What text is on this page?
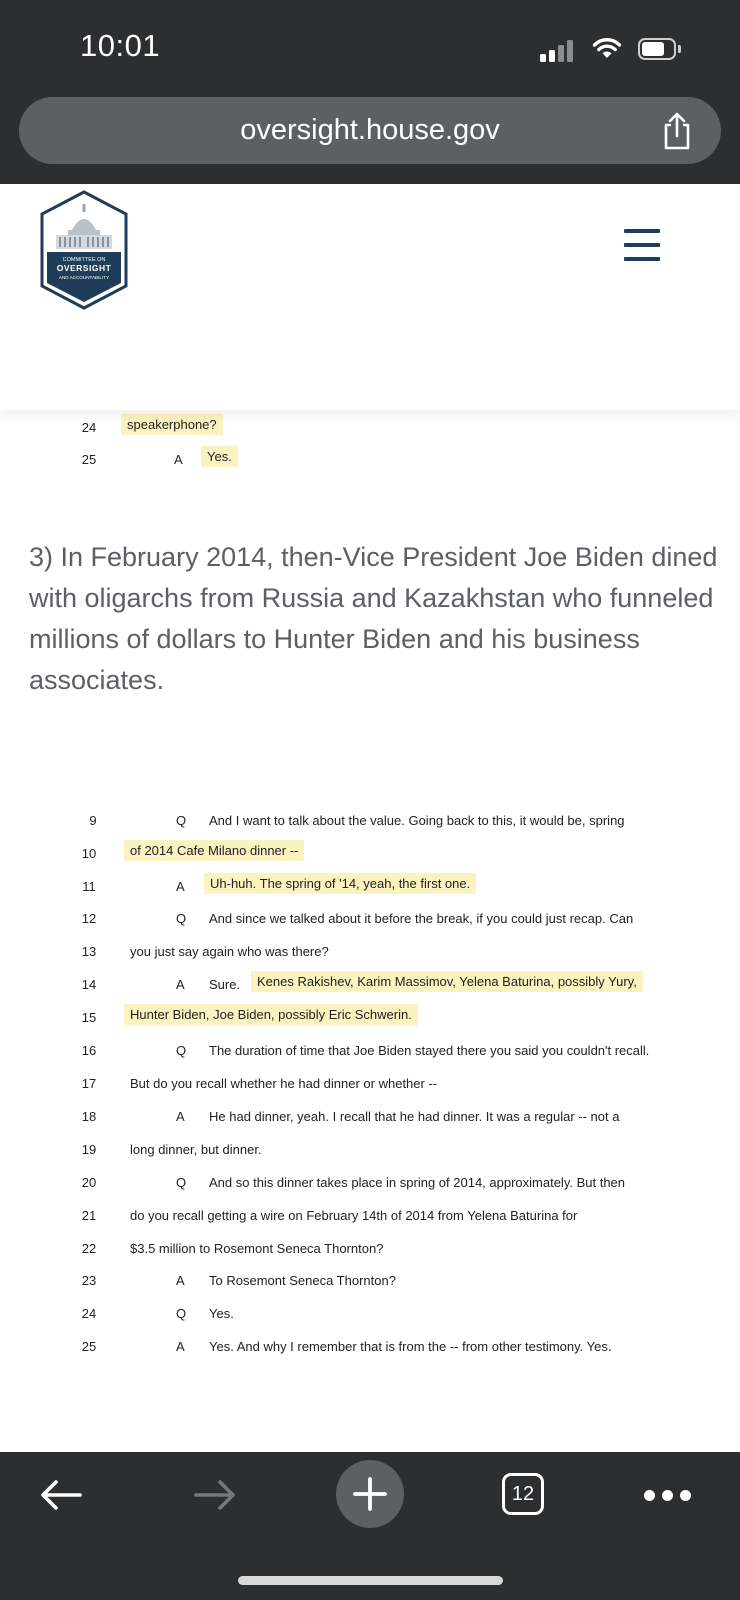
10:01
oversight.house.gov
COMMITTEE ON
OVERSIGHT
AND ACCOUNTABILITY
24	speakerphone?
25	A	Yes.
3) In February 2014, then-Vice President Joe Biden dined with oligarchs from Russia and Kazakhstan who funneled millions of dollars to Hunter Biden and his business associates.
9	Q And I want to talk about the value. Going back to this, it would be, spring
10	of 2014 Cafe Milano dinner --
11	A	Uh-huh. The spring of '14, yeah, the first one.
12	Q And since we talked about it before the break, if you could just recap. Can
13	you just say again who was there?
14	A Sure.	Kenes Rakishev, Karim Massimov, Yelena Baturina, possibly Yury,
15	Hunter Biden, Joe Biden, possibly Eric Schwerin.
16	Q The duration of time that Joe Biden stayed there you said you couldn't recall.
17	But do you recall whether he had dinner or whether --
18	A He had dinner, yeah. I recall that he had dinner. It was a regular -- not a
19	long dinner, but dinner.
20	Q And so this dinner takes place in spring of 2014, approximately. But then
21	do you recall getting a wire on February 14th of 2014 from Yelena Baturina for
22	$3.5 million to Rosemont Seneca Thornton?
23	A To Rosemont Seneca Thornton?
24	Q Yes.
25	A Yes. And why I remember that is from the -- from other testimony. Yes.
12
